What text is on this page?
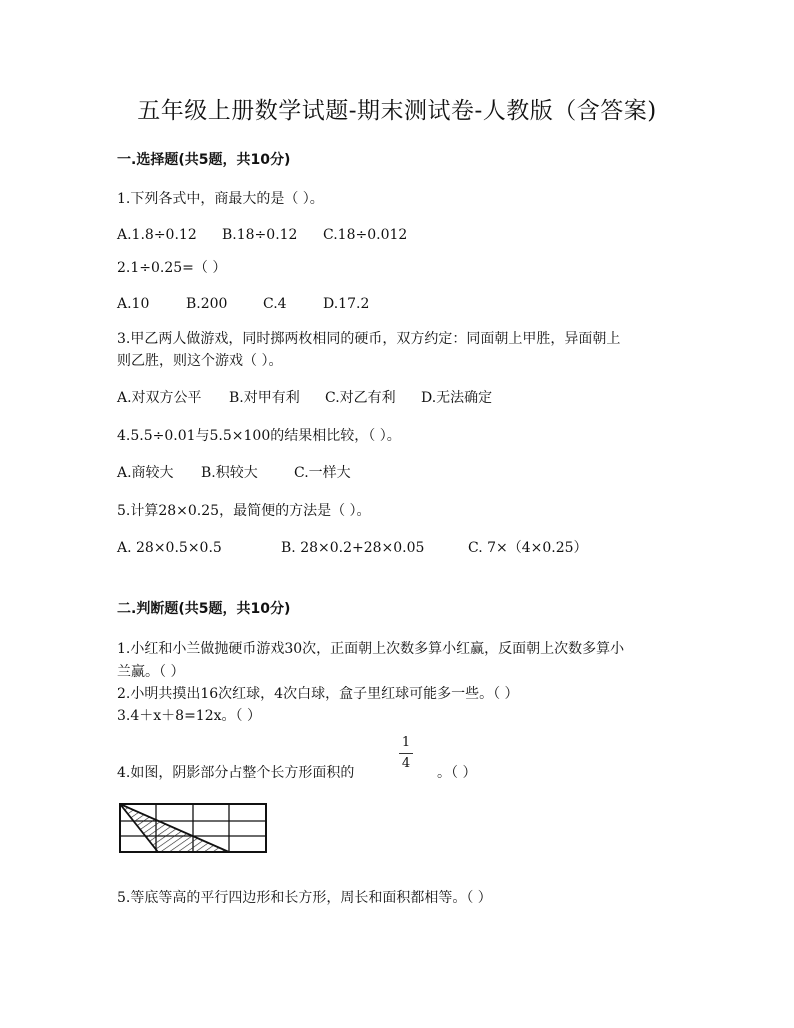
五年级上册数学试题-期末测试卷-人教版（含答案)
一.选择题(共5题，共10分)
1.下列各式中，商最大的是（ ）。
A.1.8÷0.12 B.18÷0.12 C.18÷0.012
2.1÷0.25=（ ）
A.10	B.200	C.4	D.17.2
3.甲乙两人做游戏，同时掷两枚相同的硬币，双方约定：同面朝上甲胜，异面朝上
则乙胜，则这个游戏（ ）。
A.对双方公平 B.对甲有利 C.对乙有利 D.无法确定
4.5.5÷0.01与5.5×100的结果相比较，（ ）。
A.商较大 B.积较大	C.一样大
5.计算28×0.25，最简便的方法是（ ）。
A. 28×0.5×0.5	B. 28×0.2+28×0.05	C. 7×（4×0.25）
二.判断题(共5题，共10分)
1.小红和小兰做抛硬币游戏30次，正面朝上次数多算小红赢，反面朝上次数多算小
兰赢。（ ）
2.小明共摸出16次红球，4次白球，盒子里红球可能多一些。（ ）
3.4＋x＋8=12x。（ ）
4.如图，阴影部分占整个长方形面积的
1
4
。（ ）
5.等底等高的平行四边形和长方形，周长和面积都相等。（ ）
